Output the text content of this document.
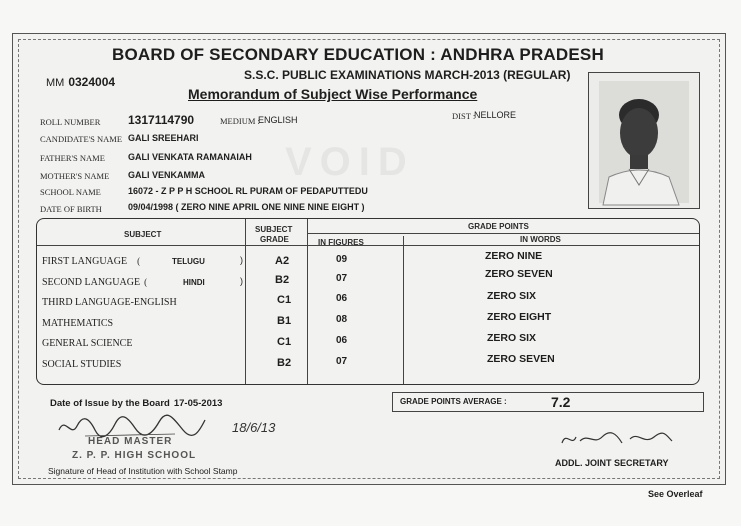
VOID
BOARD OF SECONDARY EDUCATION : ANDHRA PRADESH
MM 0324004	S.S.C. PUBLIC EXAMINATIONS MARCH-2013 (REGULAR)
Memorandum of Subject Wise Performance
ROLL NUMBER 1317114790	MEDIUM :
ENGLISH	DIST :
NELLORE
CANDIDATE'S NAME GALI SREEHARI
FATHER'S NAME	GALI VENKATA RAMANAIAH
MOTHER'S NAME GALI VENKAMMA
SCHOOL NAME	16072 - Z P P H SCHOOL RL PURAM OF PEDAPUTTEDU
DATE OF BIRTH	09/04/1998 ( ZERO NINE APRIL ONE NINE NINE EIGHT )
SUBJECT
SUBJECT
GRADE
GRADE POINTS
IN FIGURES	IN WORDS
FIRST LANGUAGE (	TELUGU	)	A2	09	ZERO NINE
SECOND LANGUAGE (	HINDI	)	B2	07	ZERO SEVEN
THIRD LANGUAGE-ENGLISH	C1	06	ZERO SIX
MATHEMATICS	B1	08	ZERO EIGHT
GENERAL SCIENCE	C1	06	ZERO SIX
SOCIAL STUDIES	B2	07	ZERO SEVEN
GRADE POINTS AVERAGE :	7.2
Date of Issue by the Board 17-05-2013
18/6/13
HEAD MASTER
Z. P. P. HIGH SCHOOL
Signature of Head of Institution with School Stamp
ADDL. JOINT SECRETARY
See Overleaf
